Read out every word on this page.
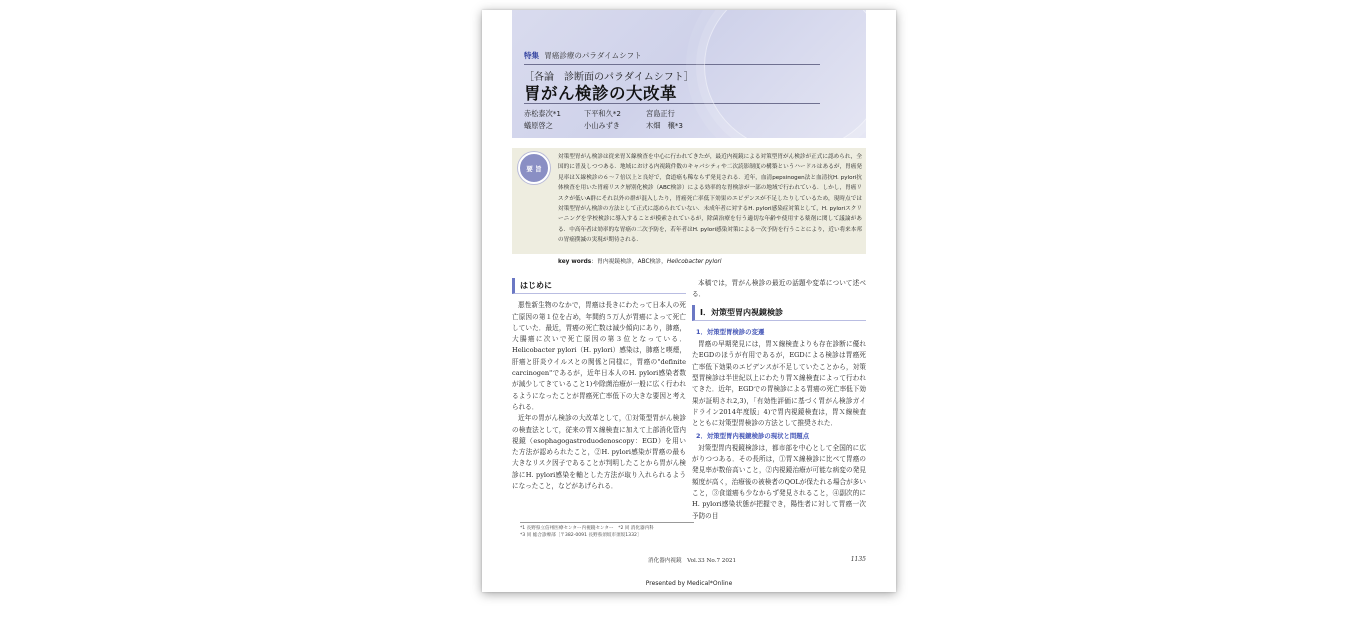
特集 胃癌診療のパラダイムシフト
［各論　診断面のパラダイムシフト］
胃がん検診の大改革
赤松泰次*1	下平和久*2	宮島正行
蟻原啓之	小山みずき	木畑　穣*3
要 旨
対策型胃がん検診は従来胃Ｘ線検査を中心に行われてきたが，最近内視鏡による対策型胃がん検診が正式に認められ，全国的に普及しつつある．地域における内視鏡件数のキャパシティや二次読影制度の構築というハードルはあるが，胃癌発見率はＸ線検診の６～７倍以上と良好で，食道癌も稀ならず発見される．近年，血清pepsinogen法と血清抗H. pylori抗体検査を用いた胃癌リスク層別化検診（ABC検診）による効率的な胃検診が一部の地域で行われている．しかし，胃癌リスクが低いA群にそれ以外の群が混入したり，胃癌死亡率低下効果のエビデンスが不足したりしているため，現時点では対策型胃がん検診の方法として正式に認められていない．未成年者に対するH. pylori感染症対策として，H. pyloriスクリーニングを学校検診に導入することが模索されているが，除菌治療を行う適切な年齢や使用する薬剤に関して議論がある．中高年者は効率的な胃癌の二次予防を，若年者はH. pylori感染対策による一次予防を行うことにより，近い将来本邦の胃癌撲滅の実現が期待される．
key words：胃内視鏡検診，ABC検診，Helicobacter pylori
はじめに

悪性新生物のなかで，胃癌は長きにわたって日本人の死亡原因の第１位を占め，年間約５万人が胃癌によって死亡していた．最近，胃癌の死亡数は減少傾向にあり，肺癌，大腸癌に次いで死亡原因の第３位となっている．Helicobacter pylori（H. pylori）感染は，肺癌と喫煙，肝癌と肝炎ウイルスとの関係と同様に，胃癌の"definite carcinogen"であるが，近年日本人のH. pylori感染者数が減少してきていること1)や除菌治療が一般に広く行われるようになったことが胃癌死亡率低下の大きな要因と考えられる．

近年の胃がん検診の大改革として，①対策型胃がん検診の検査法として，従来の胃Ｘ線検査に加えて上部消化管内視鏡（esophagogastroduodenoscopy：EGD）を用いた方法が認められたこと，②H. pylori感染が胃癌の最も大きなリスク因子であることが判明したことから胃がん検診にH. pylori感染を軸とした方法が取り入れられるようになったこと，などがあげられる．

本稿では，胃がん検診の最近の話題や変革について述べる．

Ⅰ．対策型胃内視鏡検診
1．対策型胃検診の変遷

胃癌の早期発見には，胃Ｘ線検査よりも存在診断に優れたEGDのほうが有用であるが，EGDによる検診は胃癌死亡率低下効果のエビデンスが不足していたことから，対策型胃検診は半世紀以上にわたり胃Ｘ線検査によって行われてきた．近年，EGDでの胃検診による胃癌の死亡率低下効果が証明され2,3)，「有効性評価に基づく胃がん検診ガイドライン2014年度版」4)で胃内視鏡検査は，胃Ｘ線検査とともに対策型胃検診の方法として推奨された．

2．対策型胃内視鏡検診の現状と問題点

対策型胃内視鏡検診は，都市部を中心として全国的に広がりつつある．その長所は，①胃Ｘ線検診に比べて胃癌の発見率が数倍高いこと，②内視鏡治療が可能な病変の発見頻度が高く，治療後の被検者のQOLが保たれる場合が多いこと，③食道癌も少なからず発見されること，④副次的にH. pylori感染状態が把握でき，陽性者に対して胃癌一次予防の目

*1 長野県立信州医療センター内視鏡センター　*2 同 消化器内科
*3 同 総合診療部［〒382-0091 長野県須坂市須坂1332］
消化器内視鏡　Vol.33 No.7 2021	1135
Presented by Medical*Online
